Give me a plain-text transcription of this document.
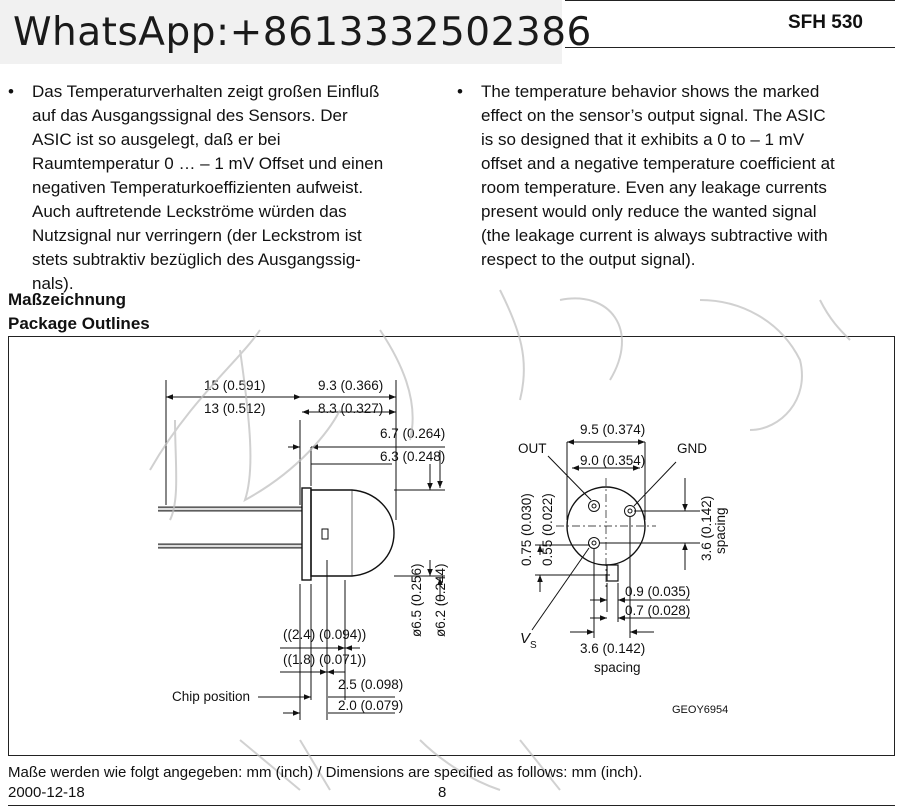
WhatsApp:+8613332502386	SFH 530
• Das Temperaturverhalten zeigt großen Einfluß
auf das Ausgangssignal des Sensors. Der
ASIC ist so ausgelegt, daß er bei
Raumtemperatur 0 … – 1 mV Offset und einen
negativen Temperaturkoeffizienten aufweist.
Auch auftretende Leckströme würden das
Nutzsignal nur verringern (der Leckstrom ist
stets subtraktiv bezüglich des Ausgangssig-
nals).
• The temperature behavior shows the marked
effect on the sensor’s output signal. The ASIC
is so designed that it exhibits a 0 to – 1 mV
offset and a negative temperature coefficient at
room temperature. Even any leakage currents
present would only reduce the wanted signal
(the leakage current is always subtractive with
respect to the output signal).
Maßzeichnung
Package Outlines
15 (0.591)
13 (0.512)
9.3 (0.366)
8.3 (0.327)
6.7 (0.264)
6.3 (0.248)
ø6.5 (0.256) ø6.2 (0.244)
((2.4) (0.094))
((1.8) (0.071))
2.5 (0.098)
2.0 (0.079)
Chip position
OUT	GND
V S
9.5 (0.374)
9.0 (0.354)
0.75 (0.030) 0.55 (0.022)	3.6 (0.142) spacing
0.9 (0.035)
0.7 (0.028)
3.6 (0.142)
spacing
GEOY6954
Maße werden wie folgt angegeben: mm (inch) / Dimensions are specified as follows: mm (inch).
2000-12-18	8
